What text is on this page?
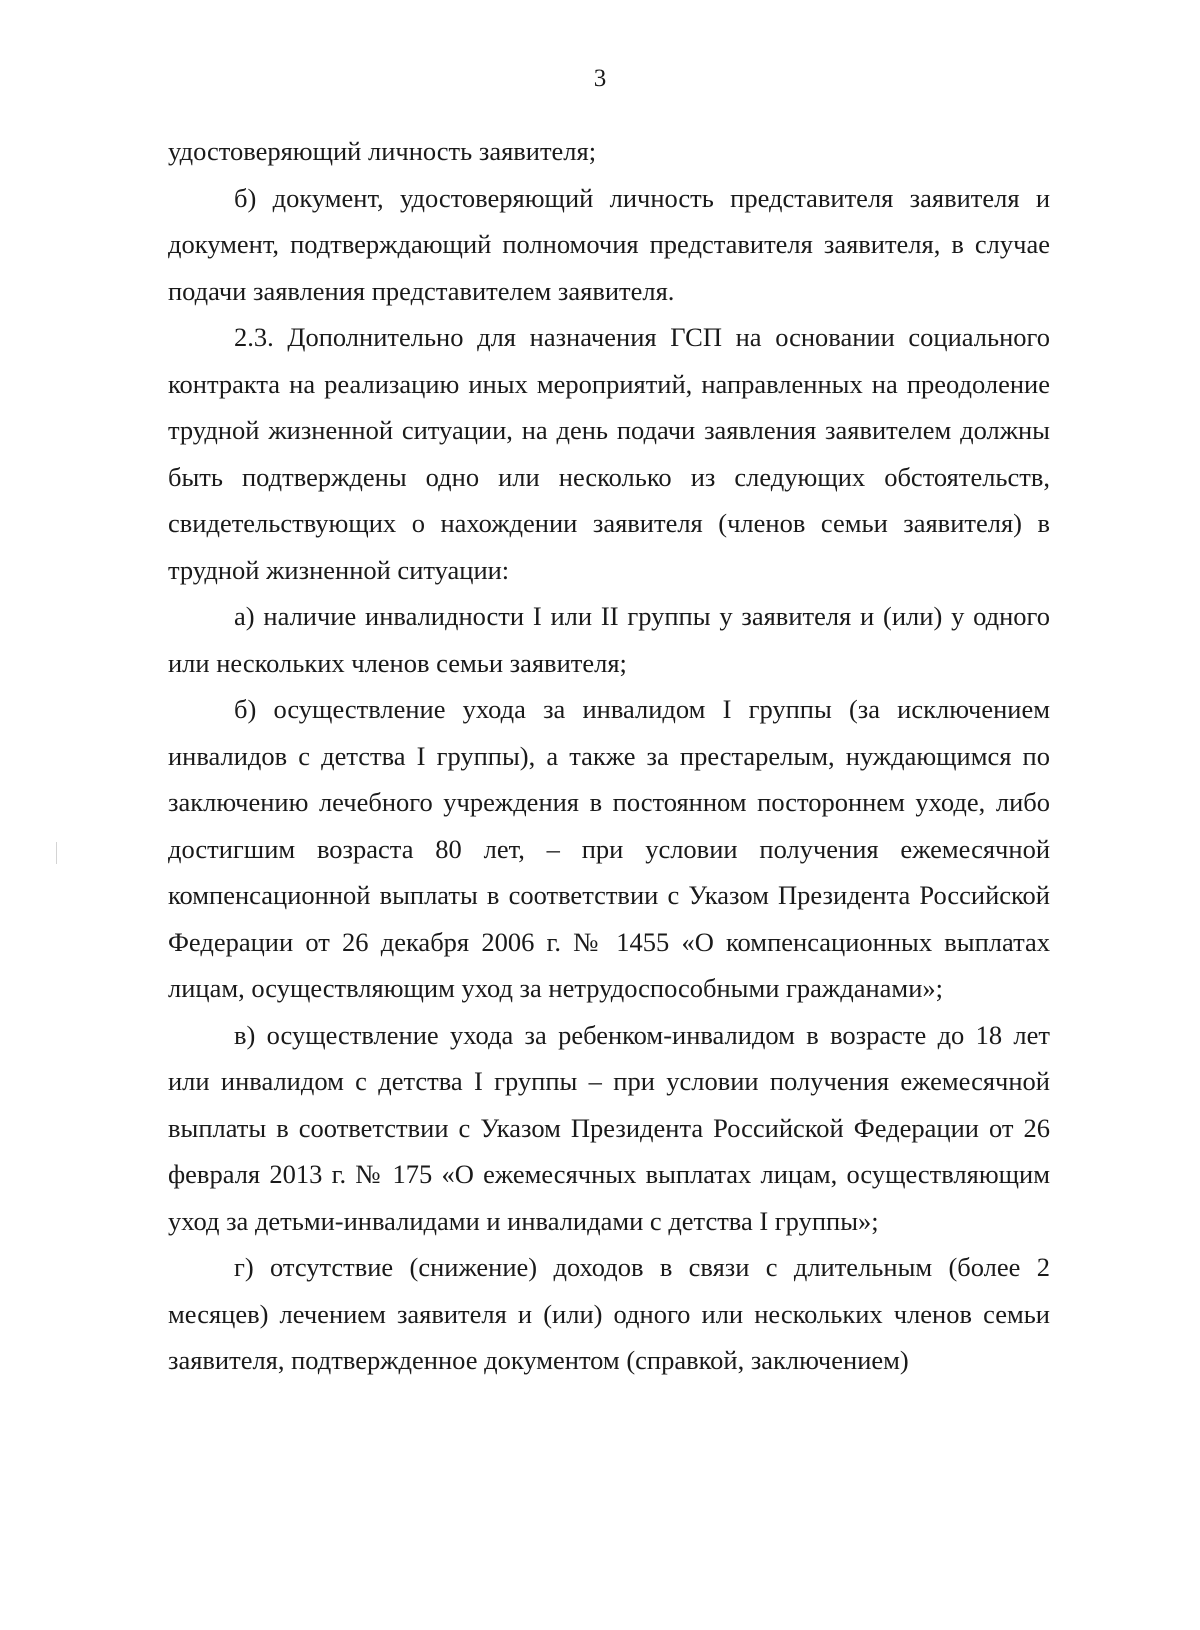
3

удостоверяющий личность заявителя;

б) документ, удостоверяющий личность представителя заявителя и документ, подтверждающий полномочия представителя заявителя, в случае подачи заявления представителем заявителя.

2.3. Дополнительно для назначения ГСП на основании социального контракта на реализацию иных мероприятий, направленных на преодоление трудной жизненной ситуации, на день подачи заявления заявителем должны быть подтверждены одно или несколько из следующих обстоятельств, свидетельствующих о нахождении заявителя (членов семьи заявителя) в трудной жизненной ситуации:

а) наличие инвалидности I или II группы у заявителя и (или) у одного или нескольких членов семьи заявителя;

б) осуществление ухода за инвалидом I группы (за исключением инвалидов с детства I группы), а также за престарелым, нуждающимся по заключению лечебного учреждения в постоянном постороннем уходе, либо достигшим возраста 80 лет, – при условии получения ежемесячной компенсационной выплаты в соответствии с Указом Президента Российской Федерации от 26 декабря 2006 г. № 1455 «О компенсационных выплатах лицам, осуществляющим уход за нетрудоспособными гражданами»;

в) осуществление ухода за ребенком-инвалидом в возрасте до 18 лет или инвалидом с детства I группы – при условии получения ежемесячной выплаты в соответствии с Указом Президента Российской Федерации от 26 февраля 2013 г. № 175 «О ежемесячных выплатах лицам, осуществляющим уход за детьми-инвалидами и инвалидами с детства I группы»;

г) отсутствие (снижение) доходов в связи с длительным (более 2 месяцев) лечением заявителя и (или) одного или нескольких членов семьи заявителя, подтвержденное документом (справкой, заключением)
